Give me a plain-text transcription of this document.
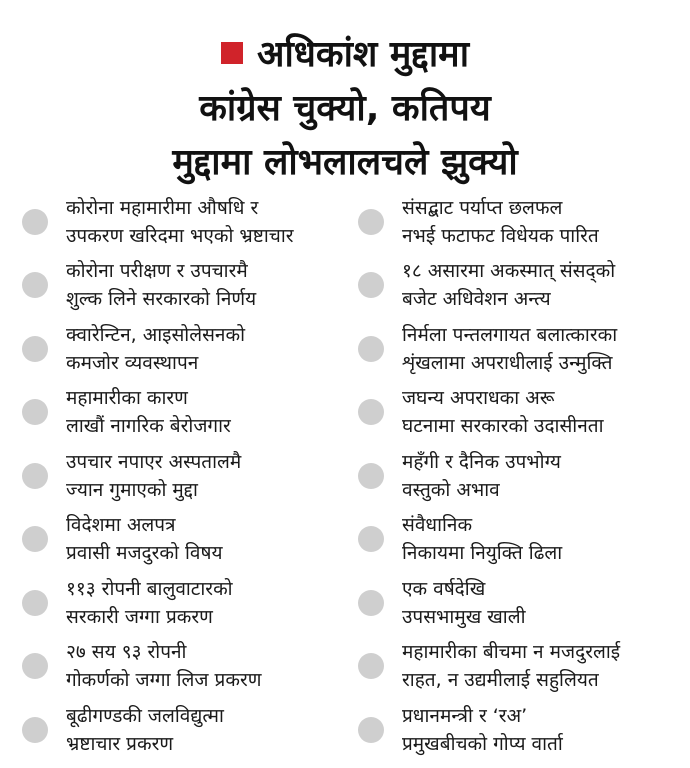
अधिकांश मुद्दामा
कांग्रेस चुक्यो, कतिपय
मुद्दामा लोभलालचले झुक्यो
कोरोना महामारीमा औषधि र
उपकरण खरिदमा भएको भ्रष्टाचार
संसद्बाट पर्याप्त छलफल
नभई फटाफट विधेयक पारित
कोरोना परीक्षण र उपचारमै
शुल्क लिने सरकारको निर्णय
१८ असारमा अकस्मात् संसद्को
बजेट अधिवेशन अन्त्य
क्वारेन्टिन, आइसोलेसनको
कमजोर व्यवस्थापन
निर्मला पन्तलगायत बलात्कारका
शृंखलामा अपराधीलाई उन्मुक्ति
महामारीका कारण
लाखौं नागरिक बेरोजगार
जघन्य अपराधका अरू
घटनामा सरकारको उदासीनता
उपचार नपाएर अस्पतालमै
ज्यान गुमाएको मुद्दा
महँगी र दैनिक उपभोग्य
वस्तुको अभाव
विदेशमा अलपत्र
प्रवासी मजदुरको विषय
संवैधानिक
निकायमा नियुक्ति ढिला
११३ रोपनी बालुवाटारको
सरकारी जग्गा प्रकरण
एक वर्षदेखि
उपसभामुख खाली
२७ सय ९३ रोपनी
गोकर्णको जग्गा लिज प्रकरण
महामारीका बीचमा न मजदुरलाई
राहत, न उद्यमीलाई सहुलियत
बूढीगण्डकी जलविद्युत्मा
भ्रष्टाचार प्रकरण
प्रधानमन्त्री र ‘रअ’
प्रमुखबीचको गोप्य वार्ता
